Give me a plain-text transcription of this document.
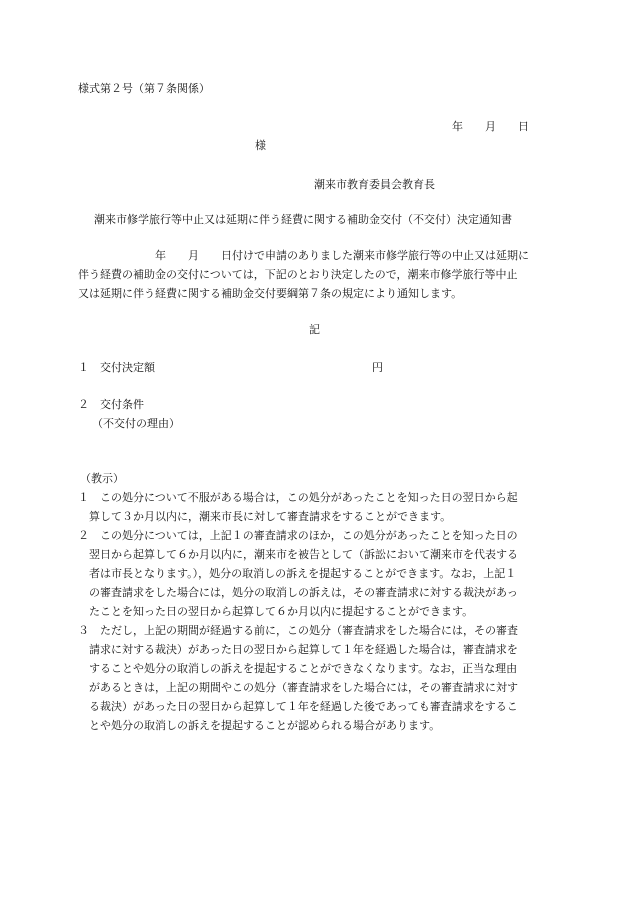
様式第２号（第７条関係）
年　　月　　日
様
潮来市教育委員会教育長
潮来市修学旅行等中止又は延期に伴う経費に関する補助金交付（不交付）決定通知書
　　　　　　　年　　月　　日付けで申請のありました潮来市修学旅行等の中止又は延期に
伴う経費の補助金の交付については，下記のとおり決定したので，潮来市修学旅行等中止
又は延期に伴う経費に関する補助金交付要綱第７条の規定により通知します。
記
１　交付決定額	円
２　交付条件
（不交付の理由）
（教示）
１　この処分について不服がある場合は，この処分があったことを知った日の翌日から起
　算して３か月以内に，潮来市長に対して審査請求をすることができます。
２　この処分については，上記１の審査請求のほか，この処分があったことを知った日の
　翌日から起算して６か月以内に，潮来市を被告として（訴訟において潮来市を代表する
　者は市長となります。），処分の取消しの訴えを提起することができます。なお，上記１
　の審査請求をした場合には，処分の取消しの訴えは，その審査請求に対する裁決があっ
　たことを知った日の翌日から起算して６か月以内に提起することができます。
３　ただし，上記の期間が経過する前に，この処分（審査請求をした場合には，その審査
　請求に対する裁決）があった日の翌日から起算して１年を経過した場合は，審査請求を
　することや処分の取消しの訴えを提起することができなくなります。なお，正当な理由
　があるときは，上記の期間やこの処分（審査請求をした場合には，その審査請求に対す
　る裁決）があった日の翌日から起算して１年を経過した後であっても審査請求をするこ
　とや処分の取消しの訴えを提起することが認められる場合があります。
